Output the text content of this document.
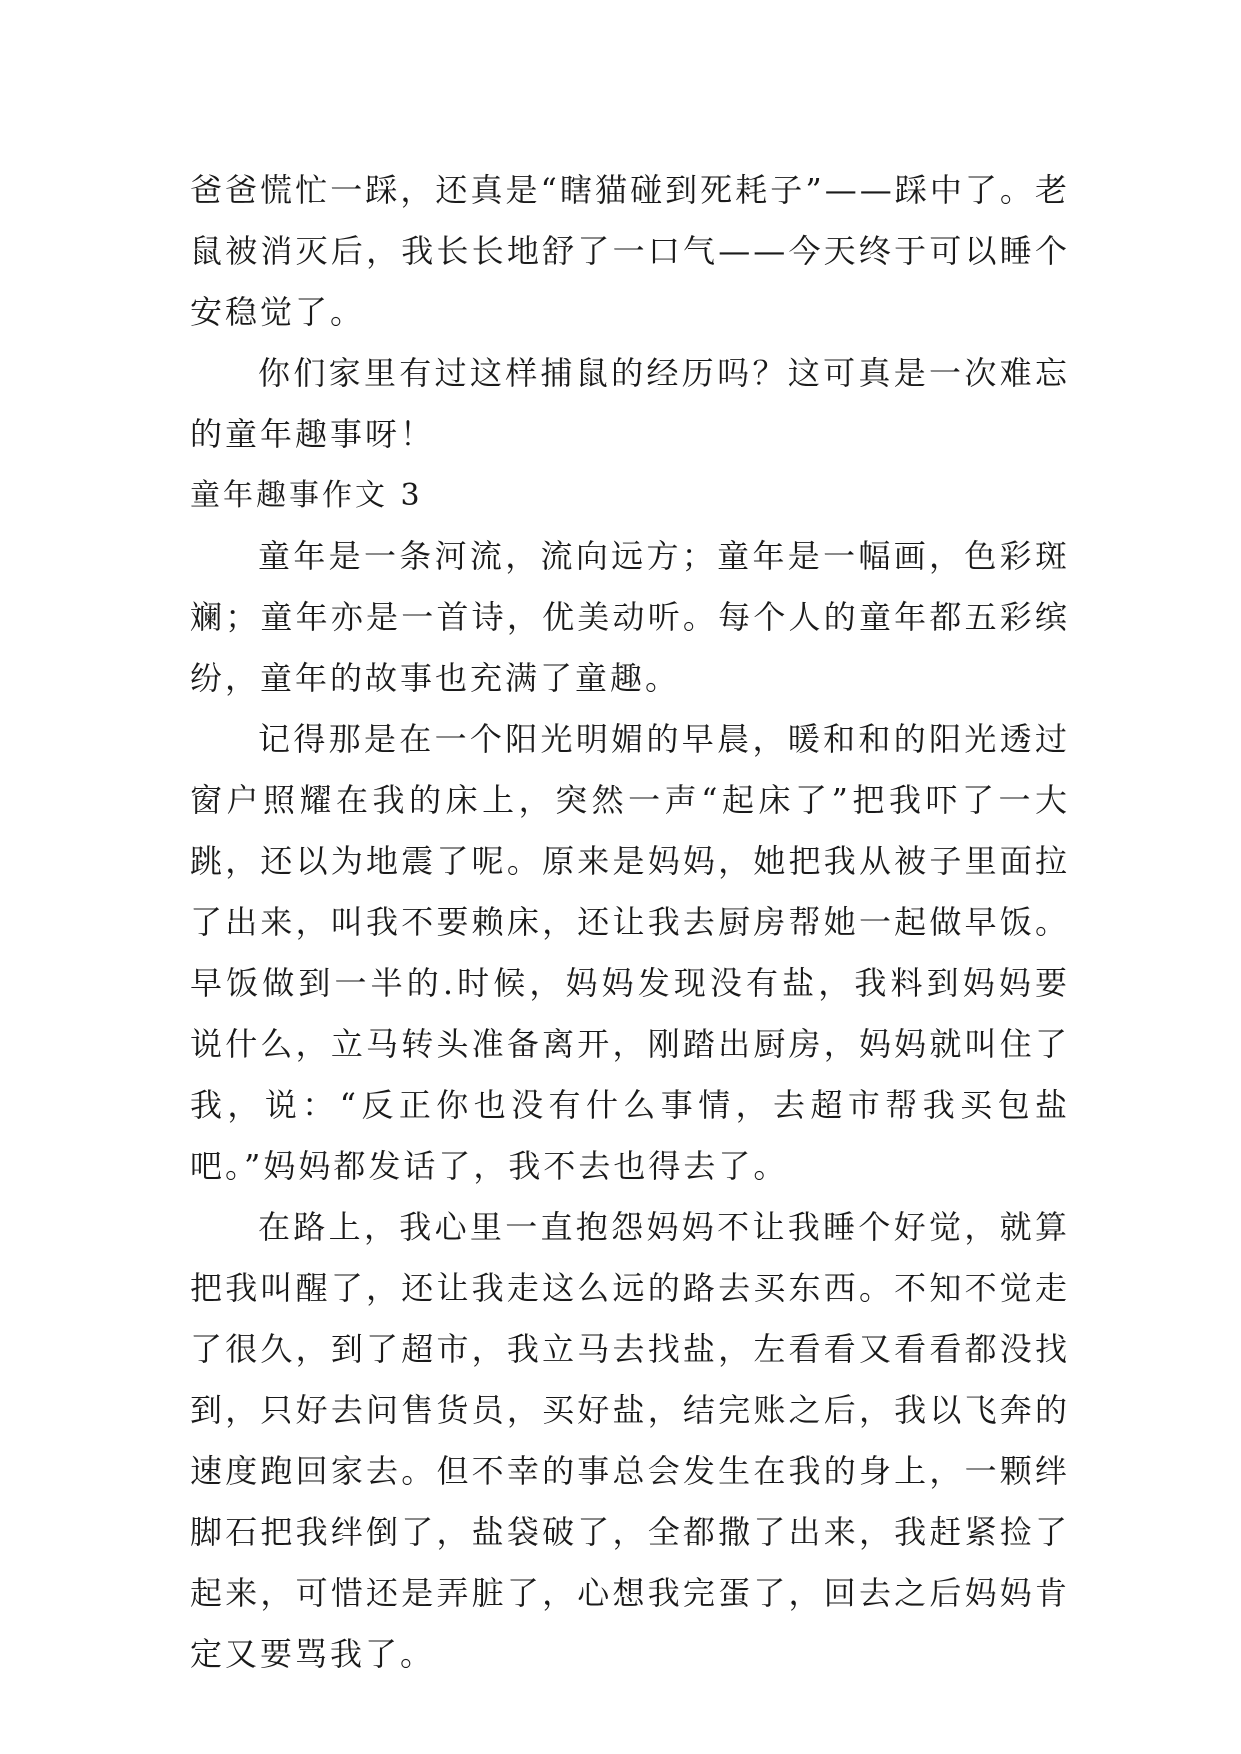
爸爸慌忙一踩，还真是“瞎猫碰到死耗子”——踩中了。老鼠被消灭后，我长长地舒了一口气——今天终于可以睡个安稳觉了。

你们家里有过这样捕鼠的经历吗？这可真是一次难忘的童年趣事呀！

童年趣事作文 3

童年是一条河流，流向远方；童年是一幅画，色彩斑斓；童年亦是一首诗，优美动听。每个人的童年都五彩缤纷，童年的故事也充满了童趣。

记得那是在一个阳光明媚的早晨，暖和和的阳光透过窗户照耀在我的床上，突然一声“起床了”把我吓了一大跳，还以为地震了呢。原来是妈妈，她把我从被子里面拉了出来，叫我不要赖床，还让我去厨房帮她一起做早饭。早饭做到一半的.时候，妈妈发现没有盐，我料到妈妈要说什么，立马转头准备离开，刚踏出厨房，妈妈就叫住了我，说：“反正你也没有什么事情，去超市帮我买包盐吧。”妈妈都发话了，我不去也得去了。

在路上，我心里一直抱怨妈妈不让我睡个好觉，就算把我叫醒了，还让我走这么远的路去买东西。不知不觉走了很久，到了超市，我立马去找盐，左看看又看看都没找到，只好去问售货员，买好盐，结完账之后，我以飞奔的速度跑回家去。但不幸的事总会发生在我的身上，一颗绊脚石把我绊倒了，盐袋破了，全都撒了出来，我赶紧捡了起来，可惜还是弄脏了，心想我完蛋了，回去之后妈妈肯定又要骂我了。
